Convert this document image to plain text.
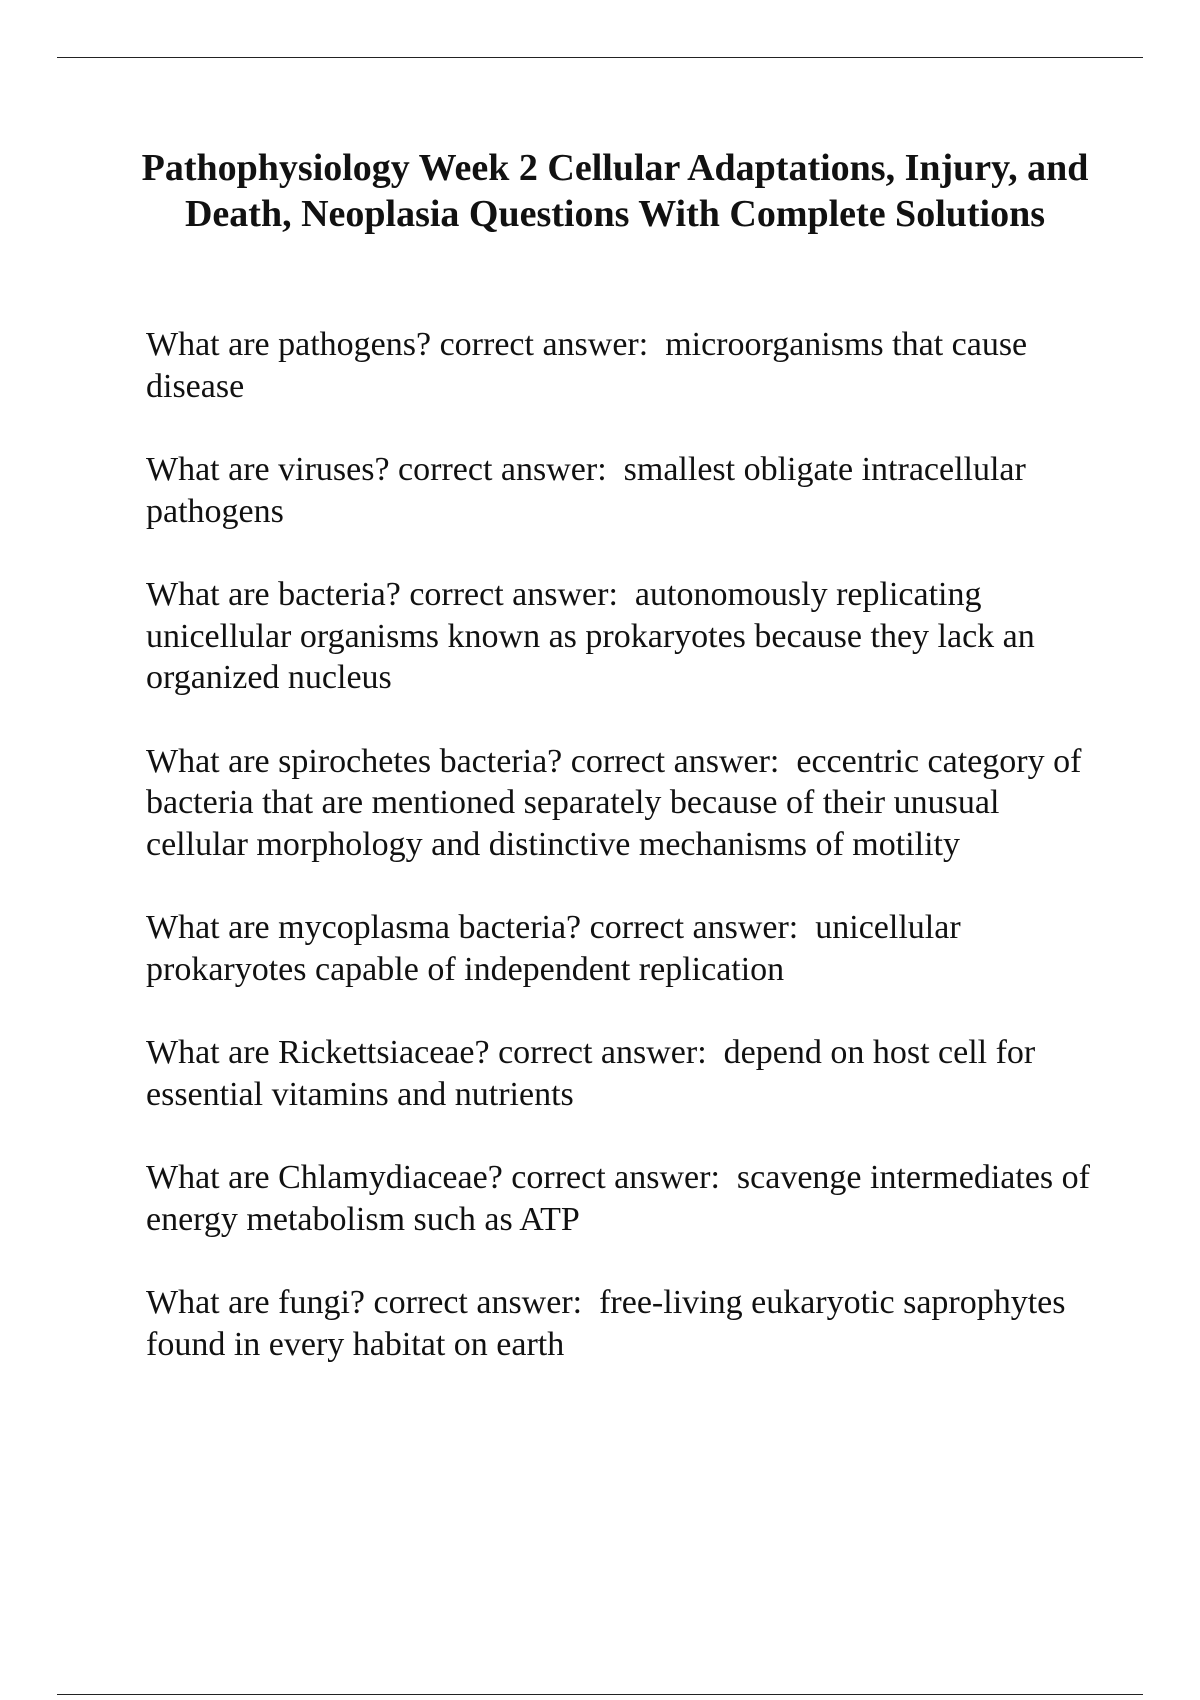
Pathophysiology Week 2 Cellular Adaptations, Injury, and Death, Neoplasia Questions With Complete Solutions

What are pathogens? correct answer: microorganisms that cause disease

What are viruses? correct answer: smallest obligate intracellular pathogens

What are bacteria? correct answer: autonomously replicating unicellular organisms known as prokaryotes because they lack an organized nucleus

What are spirochetes bacteria? correct answer: eccentric category of bacteria that are mentioned separately because of their unusual cellular morphology and distinctive mechanisms of motility

What are mycoplasma bacteria? correct answer: unicellular prokaryotes capable of independent replication

What are Rickettsiaceae? correct answer: depend on host cell for essential vitamins and nutrients

What are Chlamydiaceae? correct answer: scavenge intermediates of energy metabolism such as ATP

What are fungi? correct answer: free-living eukaryotic saprophytes found in every habitat on earth
